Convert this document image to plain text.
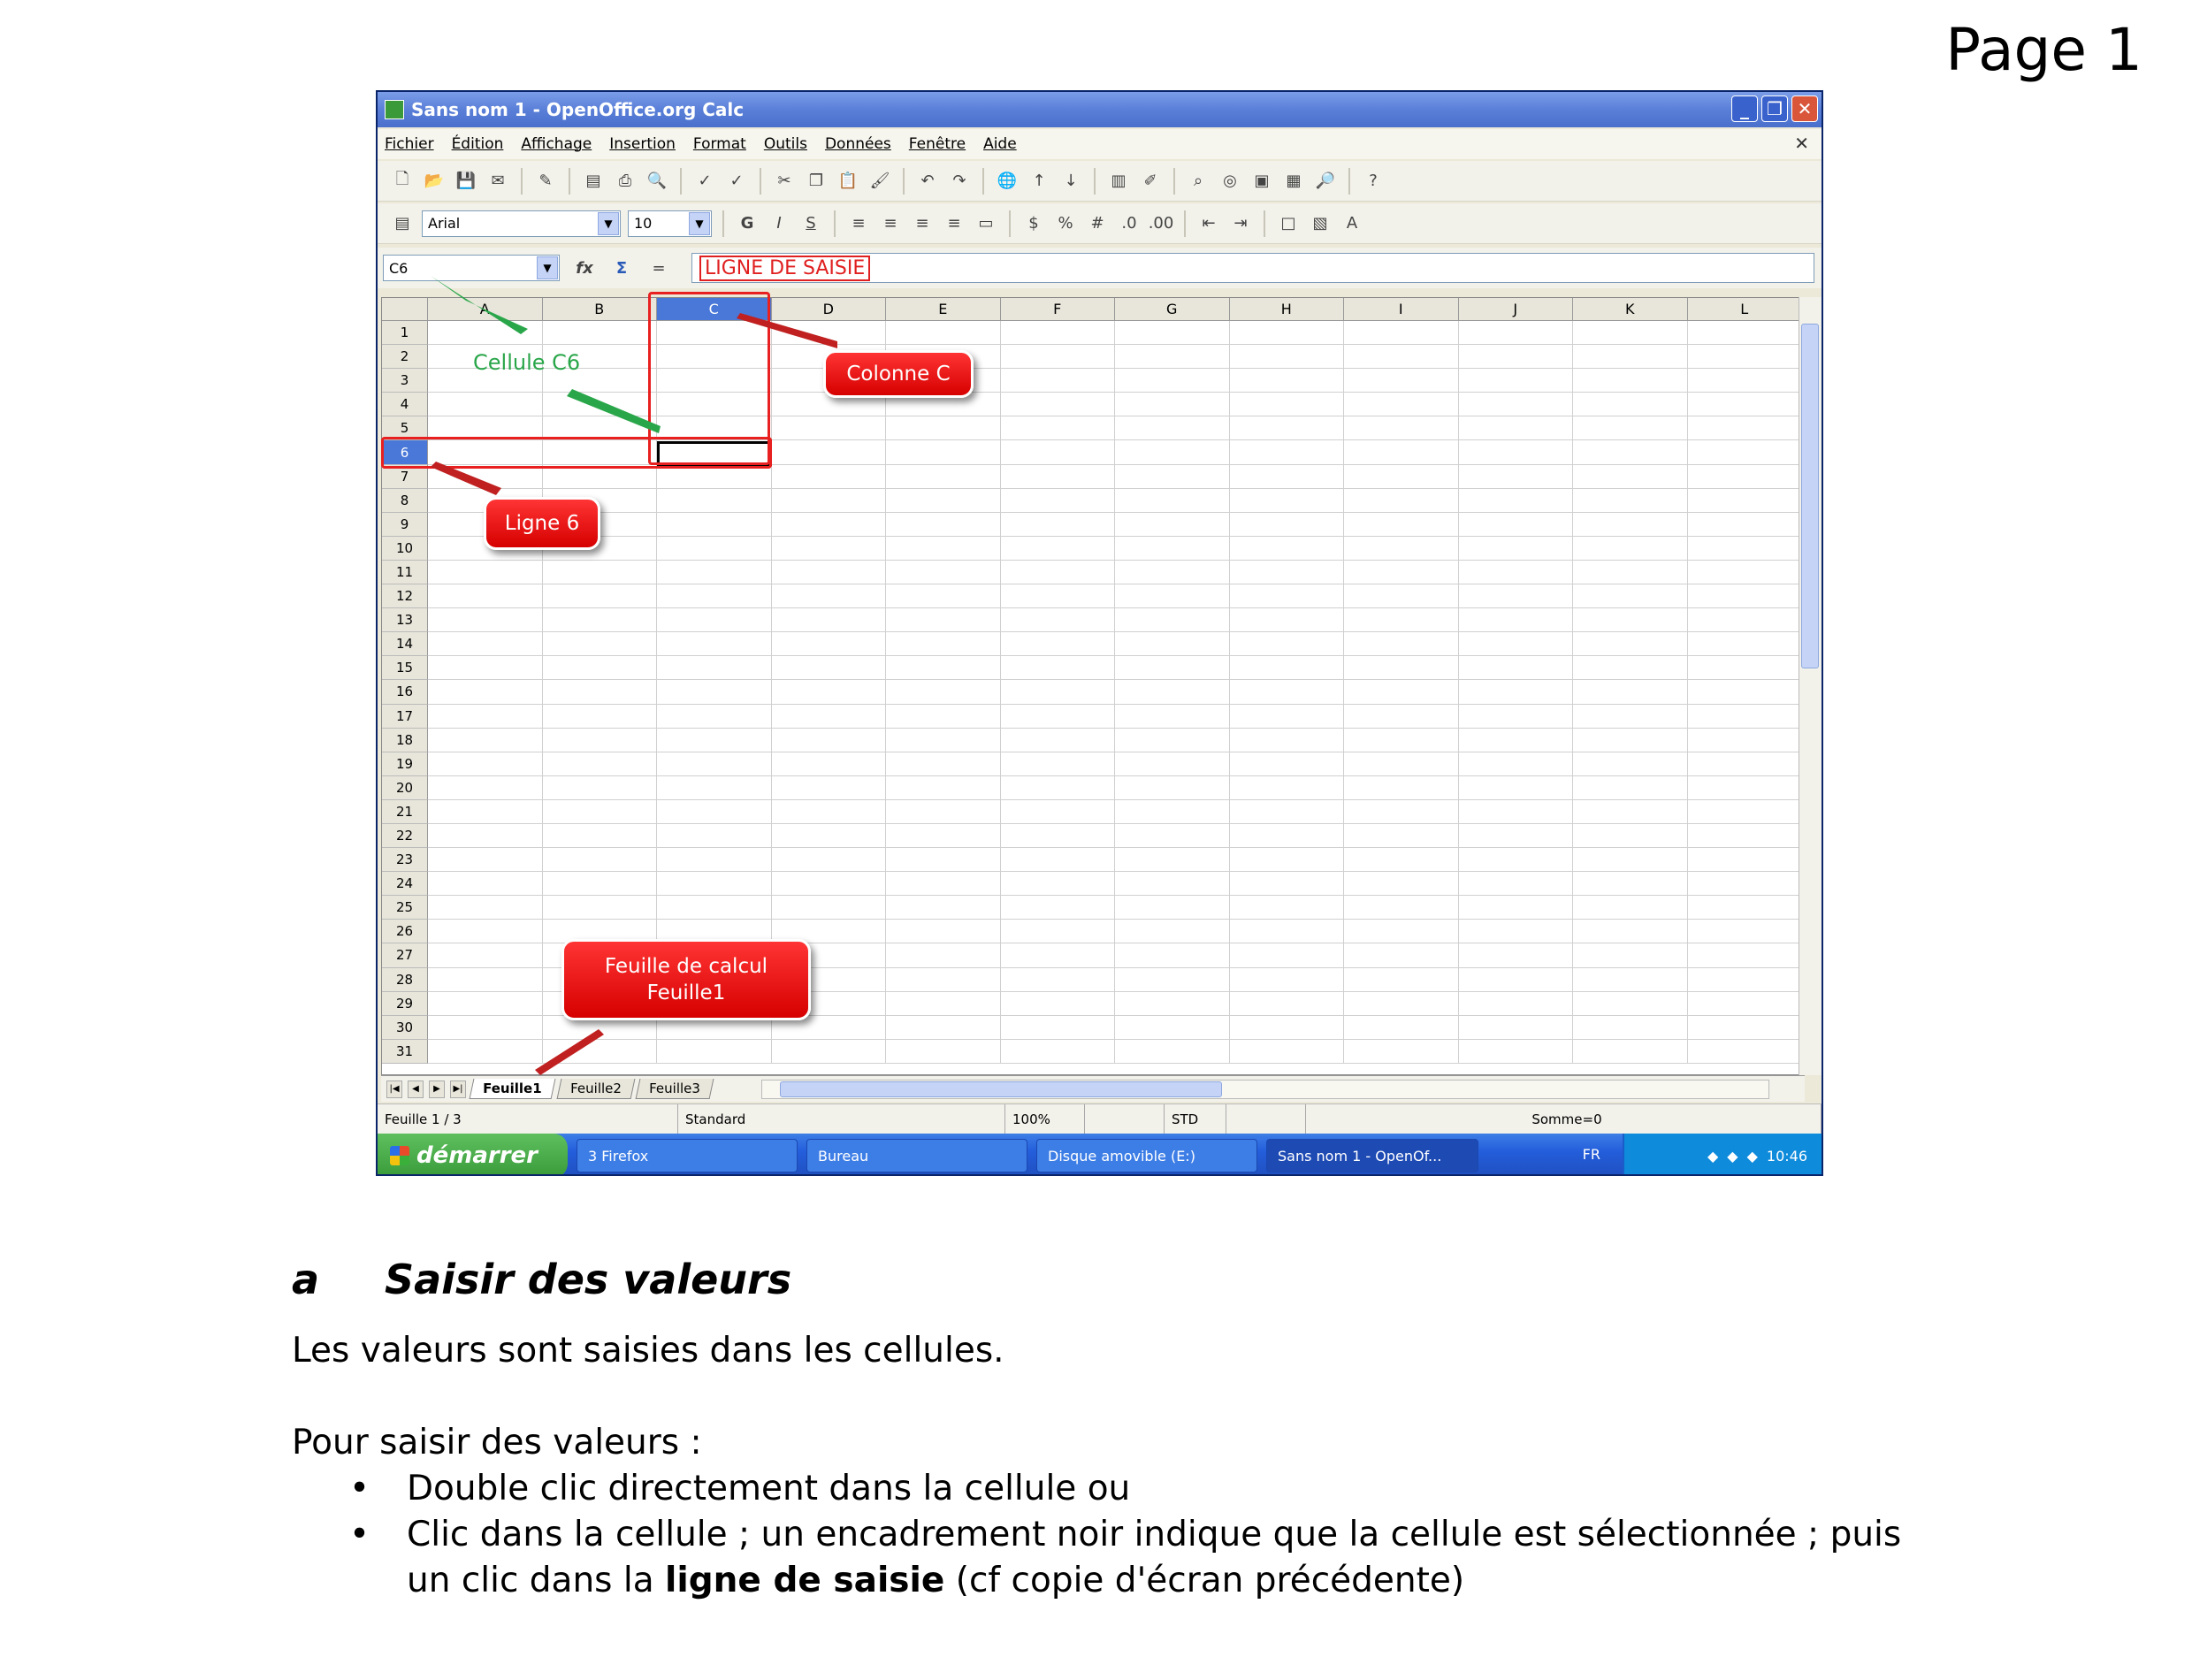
Page 1
Sans nom 1 - OpenOffice.org Calc	_	❐ ✕
Fichier Édition Affichage Insertion Format Outils Données Fenêtre Aide	✕
🗋 📂 💾 ✉	✎	▤	⎙ 🔍	✓	✓	✂	❐ 📋 🖌	↶	↷	🌐 ↑	↓	▥	✐	⌕	◎	▣	▦ 🔎	?
▤	Arial	▼	10	▼	G	I	S	≡	≡	≡	≡	▭	$	%	#	.0 .00	⇤	⇥	□	▧	A
C6	▼	fx	Σ	= LIGNE DE SAISIE
A	B	C	D	E	F	G	H	I	J	K	L
1
2
3
4
5
6
7
8
9
10
11
12
13
14
15
16
17
18
19
20
21
22
23
24
25
26
27
28
29
30
31
|◀	◀	▶	▶|	Feuille1	Feuille2	Feuille3
Feuille 1 / 3	Standard	100%	STD	Somme=0
démarrer	3 Firefox	Bureau	Disque amovible (E:)	Sans nom 1 - OpenOf...	FR	◆ ◆ ◆ 10:46
Cellule C6	Colonne C
Ligne 6
Feuille de calcul
Feuille1
a	Saisir des valeurs

Les valeurs sont saisies dans les cellules.

Pour saisir des valeurs :

• Double clic directement dans la cellule ou
• Clic dans la cellule ; un encadrement noir indique que la cellule est sélectionnée ; puis un clic dans la ligne de saisie (cf copie d'écran précédente)
